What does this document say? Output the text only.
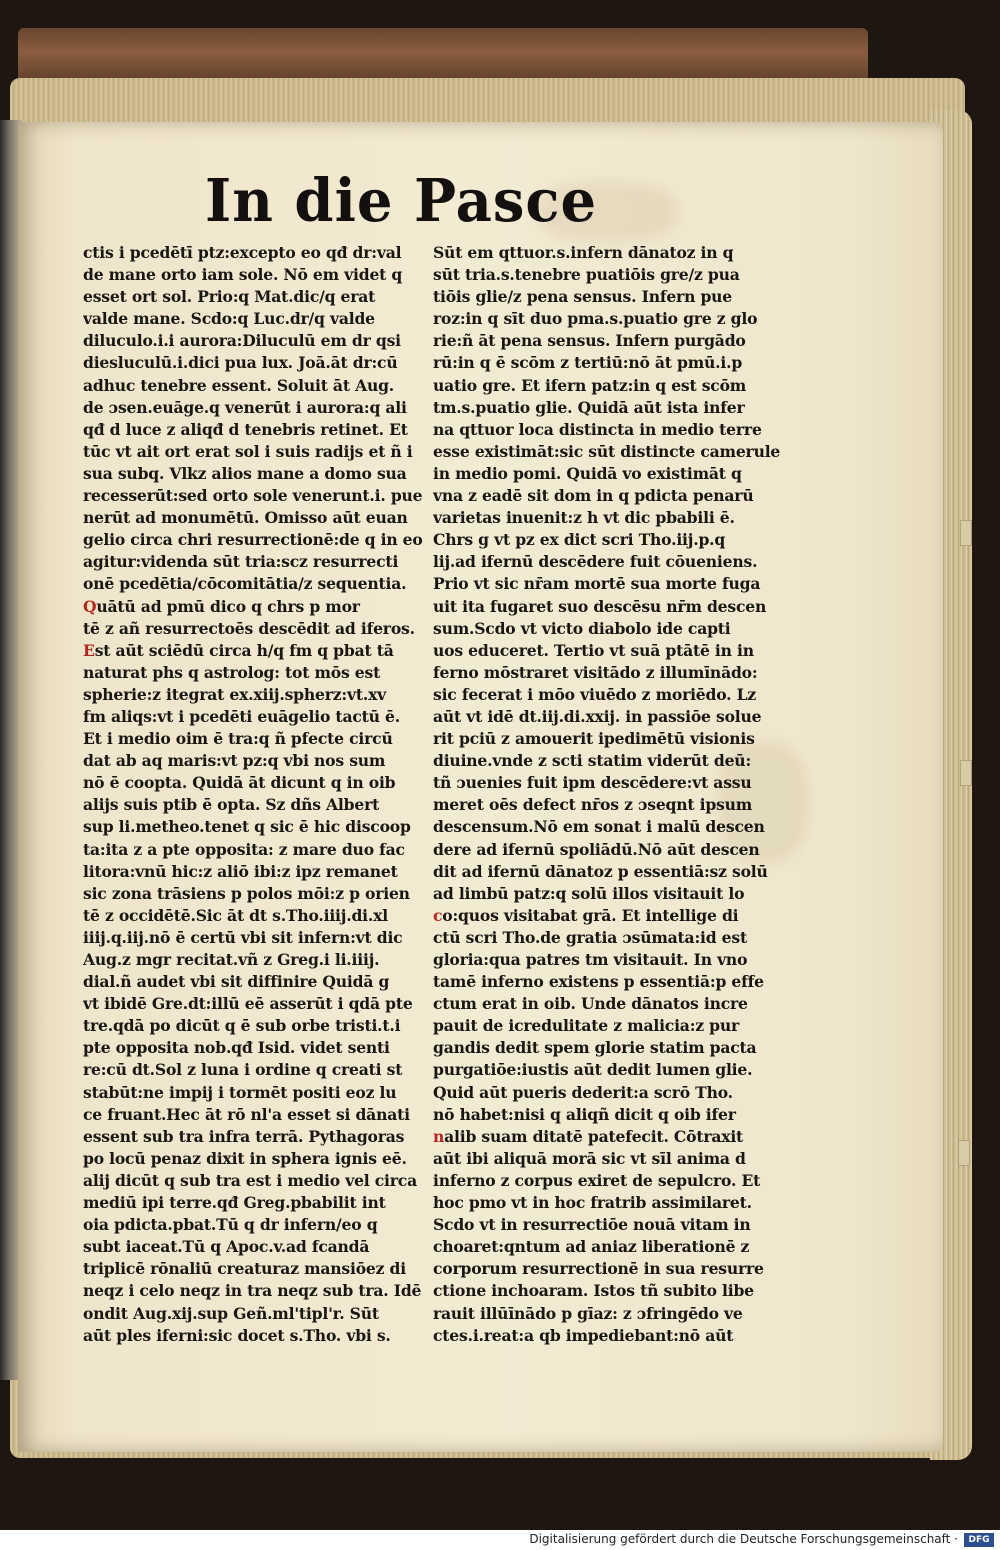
In die Pasce
ctis i pcedētī ptz:excepto eo qđ dr:val
de mane orto iam sole. Nō em videt q
esset ort sol. Prio:q Mat.dic/q erat
valde mane. Scdo:q Luc.dr/q valde
diluculo.i.i aurora:Diluculū em dr qsi
diesluculū.i.dici pua lux. Joā.āt dr:cū
adhuc tenebre essent. Soluit āt Aug.
de ɔsen.euāge.q venerūt i aurora:q ali
qđ d luce z aliqđ d tenebris retinet. Et
tūc vt ait ort erat sol i suis radijs et ñ i
sua subq. Vlkz alios mane a domo sua
recesserūt:sed orto sole venerunt.i. pue
nerūt ad monumētū. Omisso aūt euan
gelio circa chri resurrectionē:de q in eo
agitur:videnda sūt tria:scz resurrecti
onē pcedētia/cōcomitātia/z sequentia.
Quātū ad pmū dico q chrs p mor
tē z añ resurrectoēs descēdit ad iferos.
Est aūt sciēdū circa h/q fm q pbat tā
naturat phs q astrolog: tot mōs est
spherie:z itegrat ex.xiij.spherz:vt.xv
fm aliqs:vt i pcedēti euāgelio tactū ē.
Et i medio oim ē tra:q ñ pfecte circū
dat ab aq maris:vt pz:q vbi nos sum
nō ē coopta. Quidā āt dicunt q in oib
alijs suis ptib ē opta. Sz dñs Albert
sup li.metheo.tenet q sic ē hic discoop
ta:ita z a pte opposita: z mare duo fac
litora:vnū hic:z aliō ibi:z ipz remanet
sic zona trāsiens p polos mōi:z p orien
tē z occidētē.Sic āt dt s.Tho.iiij.di.xl
iiij.q.iij.nō ē certū vbi sit infern:vt dic
Aug.z mgr recitat.vñ z Greg.i li.iiij.
dial.ñ audet vbi sit diffinire Quidā g
vt ibidē Gre.dt:illū eē asserūt i qdā pte
tre.qdā po dicūt q ē sub orbe tristi.t.i
pte opposita nob.qđ Isid. videt senti
re:cū dt.Sol z luna i ordine q creati st
stabūt:ne impij i tormēt positi eoz lu
ce fruant.Hec āt rō nl'a esset si dānati
essent sub tra infra terrā. Pythagoras
po locū penaz dixit in sphera ignis eē.
alij dicūt q sub tra est i medio vel circa
mediū ipi terre.qđ Greg.pbabilit int
oia pdicta.pbat.Tū q dr infern/eo q
subt iaceat.Tū q Apoc.v.ad fcandā
triplicē rōnaliū creaturaz mansiōez di
neqz i celo neqz in tra neqz sub tra. Idē
ondit Aug.xij.sup Geñ.ml'tipl'r. Sūt
aūt ples iferni:sic docet s.Tho. vbi s.
Sūt em qttuor.s.infern dānatoz in q
sūt tria.s.tenebre puatiōis gre/z pua
tiōis glie/z pena sensus. Infern pue
roz:in q sīt duo pma.s.puatio gre z glo
rie:ñ āt pena sensus. Infern purgādo
rū:in q ē scōm z tertiū:nō āt pmū.i.p
uatio gre. Et ifern patz:in q est scōm
tm.s.puatio glie. Quidā aūt ista infer
na qttuor loca distincta in medio terre
esse existimāt:sic sūt distincte camerule
in medio pomi. Quidā vo existimāt q
vna z eadē sit dom in q pdicta penarū
varietas inuenit:z h vt dic pbabili ē.
Chrs g vt pz ex dict scri Tho.iij.p.q
lij.ad ifernū descēdere fuit cōueniens.
Prio vt sic nr̄am mortē sua morte fuga
uit ita fugaret suo descēsu nr̄m descen
sum.Scdo vt victo diabolo ide capti
uos educeret. Tertio vt suā ptātē in in
ferno mōstraret visitādo z illumīnādo:
sic fecerat i mōo viuēdo z moriēdo. Lz
aūt vt idē dt.iij.di.xxij. in passiōe solue
rit pciū z amouerit ipedimētū visionis
diuine.vnde z scti statim viderūt deū:
tñ ɔuenies fuit ipm descēdere:vt assu
meret oēs defect nr̄os z ɔseqnt ipsum
descensum.Nō em sonat i malū descen
dere ad ifernū spoliādū.Nō aūt descen
dit ad ifernū dānatoz p essentiā:sz solū
ad limbū patz:q solū illos visitauit lo
co:quos visitabat grā. Et intellige di
ctū scri Tho.de gratia ɔsūmata:id est
gloria:qua patres tm visitauit. In vno
tamē inferno existens p essentiā:p effe
ctum erat in oib. Unde dānatos incre
pauit de icredulitate z malicia:z pur
gandis dedit spem glorie statim pacta
purgatiōe:iustis aūt dedit lumen glie.
Quid aūt pueris dederit:a scrō Tho.
nō habet:nisi q aliqñ dicit q oib ifer
nalib suam ditatē patefecit. Cōtraxit
aūt ibi aliquā morā sic vt sīl anima d
inferno z corpus exiret de sepulcro. Et
hoc pmo vt in hoc fratrib assimilaret.
Scdo vt in resurrectiōe nouā vitam in
choaret:qntum ad aniaz liberationē z
corporum resurrectionē in sua resurre
ctione inchoaram. Istos tñ subito libe
rauit illūīnādo p gīaz: z ɔfringēdo ve
ctes.i.reat:a qb impediebant:nō aūt
Digitalisierung gefördert durch die Deutsche Forschungsgemeinschaft ·	DFG
